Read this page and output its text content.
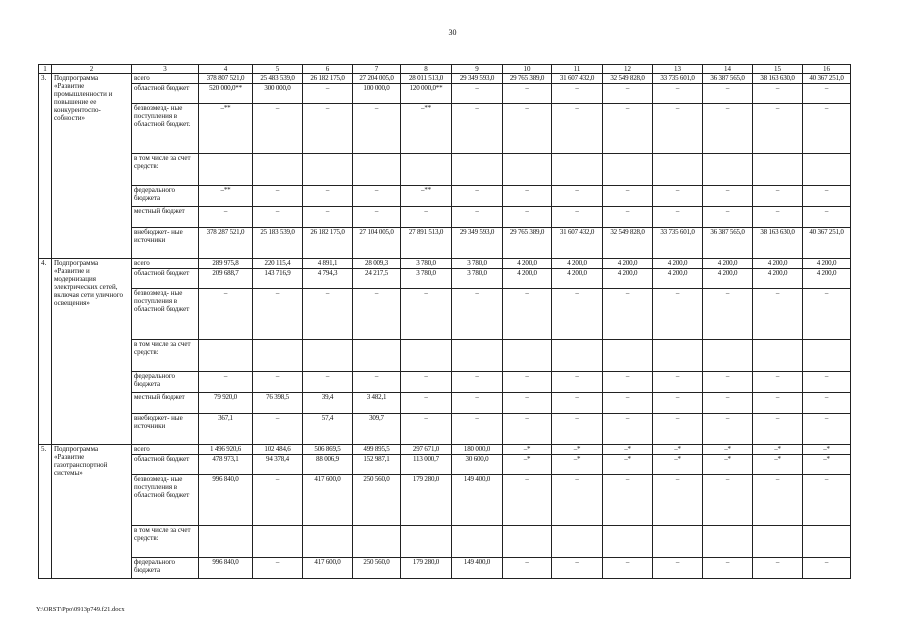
30
1	2	3	4	5	6	7	8	9	10	11	12	13	14	15	16
3.	Подпрограмма «Развитие промышленности и повышение ее конкурентоспо- собности»	всего	378 807 521,0	25 483 539,0	26 182 175,0	27 204 005,0	28 011 513,0	29 349 593,0	29 765 389,0	31 607 432,0	32 549 828,0	33 735 601,0	36 387 565,0	38 163 630,0	40 367 251,0
		областной бюджет	520 000,0**	300 000,0	–	100 000,0	120 000,0**	–	–	–	–	–	–	–	–
		безвозмезд- ные поступления в областной бюджет.	–**	–	–	–	–**	–	–	–	–	–	–	–	–
		в том числе за счет средств:													
		федерального бюджета	–**	–	–	–	–**	–	–	–	–	–	–	–	–
		местный бюджет	–	–	–	–	–	–	–	–	–	–	–	–	–
		внебюджет- ные источники	378 287 521,0	25 183 539,0	26 182 175,0	27 104 005,0	27 891 513,0	29 349 593,0	29 765 389,0	31 607 432,0	32 549 828,0	33 735 601,0	36 387 565,0	38 163 630,0	40 367 251,0
4.	Подпрограмма «Развитие и модернизация электрических сетей, включая сети уличного освещения»	всего	289 975,8	220 115,4	4 891,1	28 009,3	3 780,0	3 780,0	4 200,0	4 200,0	4 200,0	4 200,0	4 200,0	4 200,0	4 200,0
		областной бюджет	209 688,7	143 716,9	4 794,3	24 217,5	3 780,0	3 780,0	4 200,0	4 200,0	4 200,0	4 200,0	4 200,0	4 200,0	4 200,0
		безвозмезд- ные поступления в областной бюджет	–	–	–	–	–	–	–	–	–	–	–	–	–
		в том числе за счет средств:													
		федерального бюджета	–	–	–	–	–	–	–	–	–	–	–	–	–
		местный бюджет	79 920,0	76 398,5	39,4	3 482,1	–	–	–	–	–	–	–	–	–
		внебюджет- ные источники	367,1	–	57,4	309,7	–	–	–	–	–	–	–	–	–
5.	Подпрограмма «Развитие газотранспортной системы»	всего	1 496 920,6	102 484,6	506 869,5	499 895,5	297 671,0	180 000,0	–*	–*	–*	–*	–*	–*	–*
		областной бюджет	478 973,1	94 378,4	88 006,9	152 987,1	113 000,7	30 600,0	–*	–*	–*	–*	–*	–*	–*
		безвозмезд- ные поступления в областной бюджет	996 840,0	–	417 600,0	250 560,0	179 280,0	149 400,0	–	–	–	–	–	–	–
		в том числе за счет средств:													
		федерального бюджета	996 840,0	–	417 600,0	250 560,0	179 280,0	149 400,0	–	–	–	–	–	–	–
Y:\ORST\Ppo\0913p749.f21.docx
